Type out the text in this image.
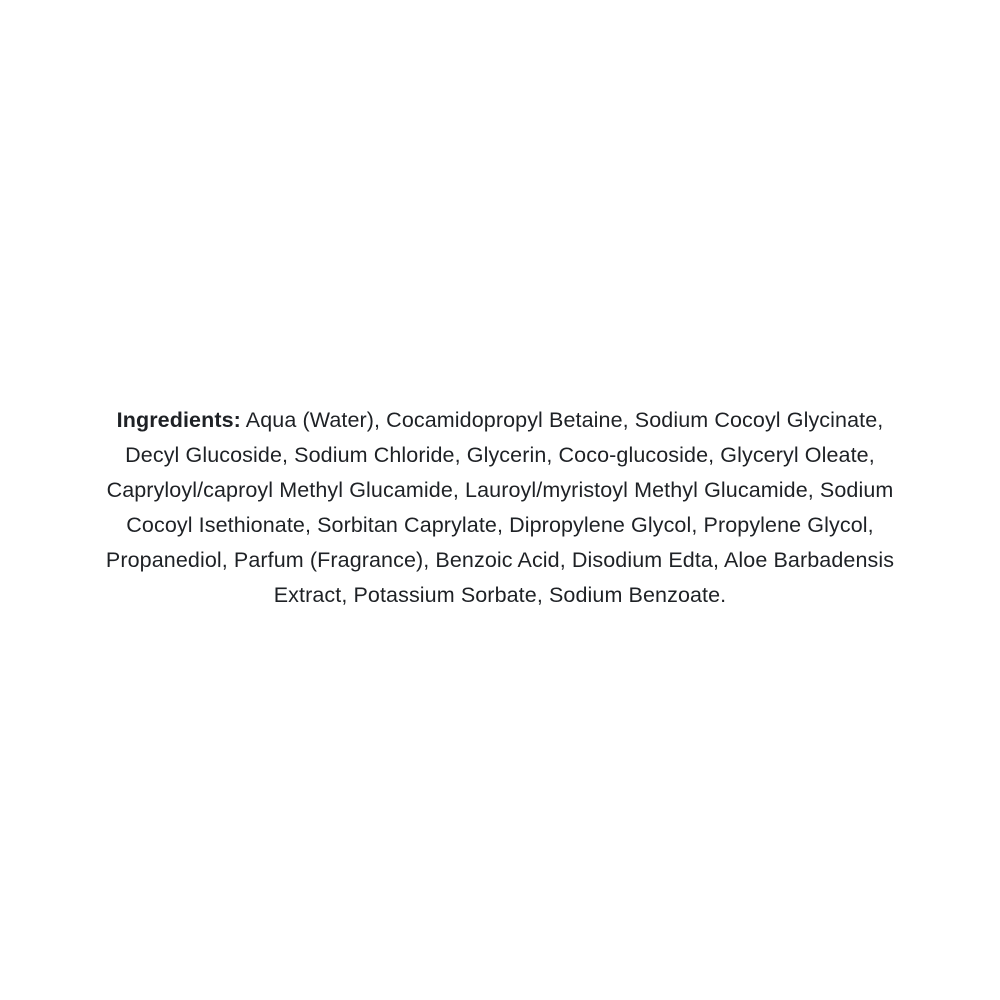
Ingredients: Aqua (Water), Cocamidopropyl Betaine, Sodium Cocoyl Glycinate, Decyl Glucoside, Sodium Chloride, Glycerin, Coco-glucoside, Glyceryl Oleate, Capryloyl/caproyl Methyl Glucamide, Lauroyl/myristoyl Methyl Glucamide, Sodium Cocoyl Isethionate, Sorbitan Caprylate, Dipropylene Glycol, Propylene Glycol, Propanediol, Parfum (Fragrance), Benzoic Acid, Disodium Edta, Aloe Barbadensis Extract, Potassium Sorbate, Sodium Benzoate.
